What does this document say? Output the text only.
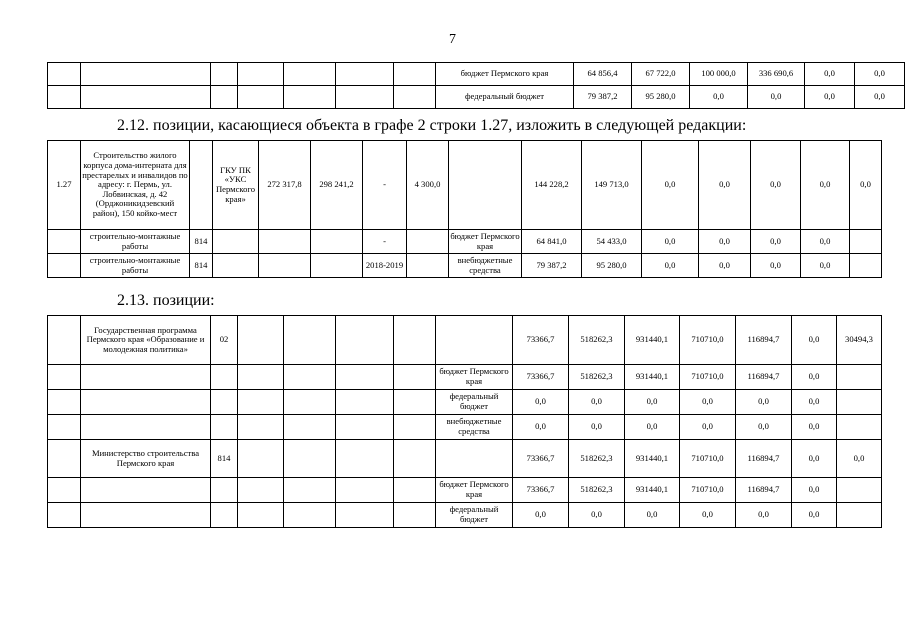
7
							бюджет Пермского края	64 856,4	67 722,0	100 000,0	336 690,6	0,0	0,0	
							федеральный бюджет	79 387,2	95 280,0	0,0	0,0	0,0	0,0	
2.12. позиции, касающиеся объекта в графе 2 строки 1.27, изложить в следующей редакции:
1.27	Строительство жилого корпуса дома-интерната для престарелых и инвалидов по адресу: г. Пермь, ул. Лобвинская, д. 42 (Орджоникидзевский район), 150 койко-мест		ГКУ ПК «УКС Пермского края»	272 317,8	298 241,2	-	4 300,0		144 228,2	149 713,0	0,0	0,0	0,0	0,0	0,0
	строительно-монтажные работы	814				-		бюджет Пермского края	64 841,0	54 433,0	0,0	0,0	0,0	0,0	
	строительно-монтажные работы	814				2018-2019		внебюджетные средства	79 387,2	95 280,0	0,0	0,0	0,0	0,0	
2.13. позиции:
	Государственная программа Пермского края «Образование и молодежная политика»	02						73366,7	518262,3	931440,1	710710,0	116894,7	0,0	30494,3
							бюджет Пермского края	73366,7	518262,3	931440,1	710710,0	116894,7	0,0	
							федеральный бюджет	0,0	0,0	0,0	0,0	0,0	0,0	
							внебюджетные средства	0,0	0,0	0,0	0,0	0,0	0,0	
	Министерство строительства Пермского края	814						73366,7	518262,3	931440,1	710710,0	116894,7	0,0	0,0
							бюджет Пермского края	73366,7	518262,3	931440,1	710710,0	116894,7	0,0	
							федеральный бюджет	0,0	0,0	0,0	0,0	0,0	0,0	
